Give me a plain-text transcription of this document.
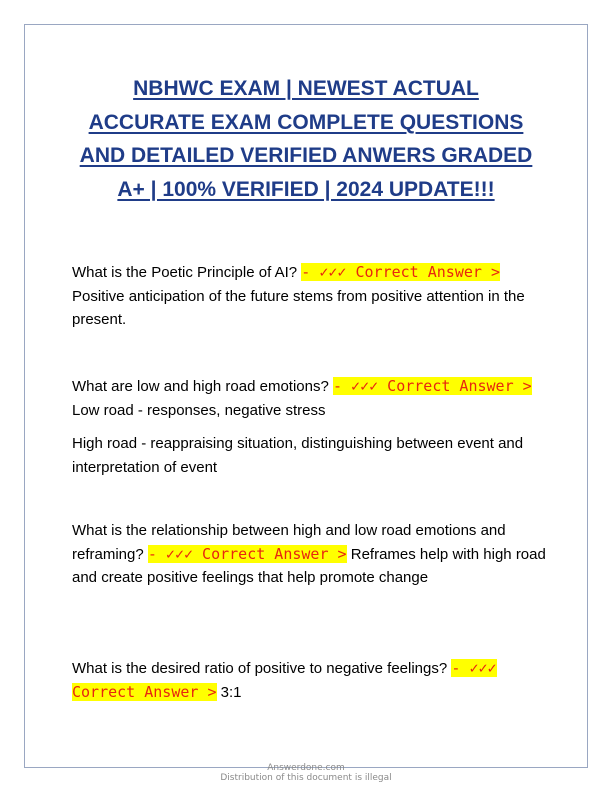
NBHWC EXAM | NEWEST ACTUAL
ACCURATE EXAM COMPLETE QUESTIONS
AND DETAILED VERIFIED ANWERS GRADED
A+ | 100% VERIFIED | 2024 UPDATE!!!

What is the Poetic Principle of AI? - ✓✓✓ Correct Answer > Positive anticipation of the future stems from positive attention in the present.

What are low and high road emotions? - ✓✓✓ Correct Answer > Low road - responses, negative stress

High road - reappraising situation, distinguishing between event and interpretation of event

What is the relationship between high and low road emotions and reframing? - ✓✓✓ Correct Answer > Reframes help with high road and create positive feelings that help promote change

What is the desired ratio of positive to negative feelings? - ✓✓✓ Correct Answer > 3:1

Answerdone.com
Distribution of this document is illegal
